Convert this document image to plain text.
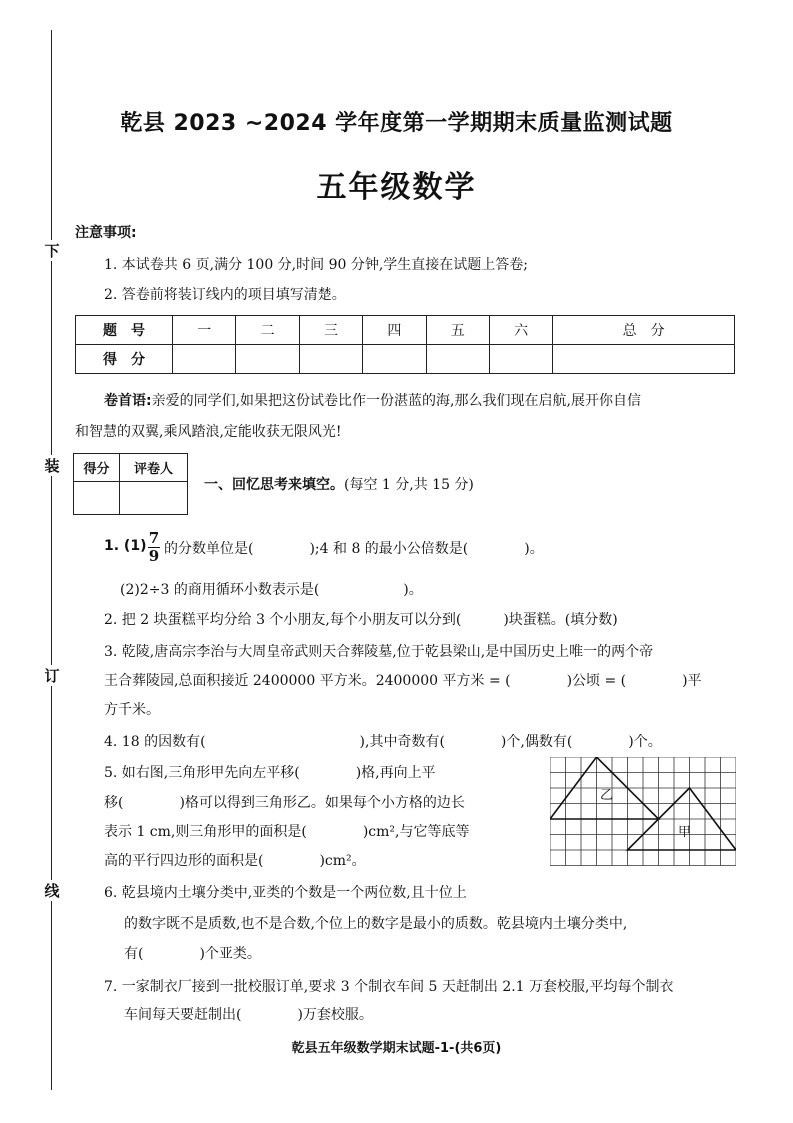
下
装
订
线
乾县 2023 ~2024 学年度第一学期期末质量监测试题
五年级数学
注意事项:
1. 本试卷共 6 页,满分 100 分,时间 90 分钟,学生直接在试题上答卷;
2. 答卷前将装订线内的项目填写清楚。
题　号	一	二	三	四	五	六	总　分
得　分							
卷首语:亲爱的同学们,如果把这份试卷比作一份湛蓝的海,那么我们现在启航,展开你自信
和智慧的双翼,乘风踏浪,定能收获无限风光!
得分	评卷人

一、回忆思考来填空。(每空 1 分,共 15 分)
1. (1) 7
9 的分数单位是(　　　　);4 和 8 的最小公倍数是(　　　　)。
(2)2÷3 的商用循环小数表示是(　　　　　　)。
2. 把 2 块蛋糕平均分给 3 个小朋友,每个小朋友可以分到(　　　)块蛋糕。(填分数)
3. 乾陵,唐高宗李治与大周皇帝武则天合葬陵墓,位于乾县梁山,是中国历史上唯一的两个帝
王合葬陵园,总面积接近 2400000 平方米。2400000 平方米 = (　　　　)公顷 = (　　　　)平
方千米。
4. 18 的因数有(　　　　　　　　　　　),其中奇数有(　　　　)个,偶数有(　　　　)个。
5. 如右图,三角形甲先向左平移(　　　　)格,再向上平
移(　　　　)格可以得到三角形乙。如果每个小方格的边长
表示 1 cm,则三角形甲的面积是(　　　　)cm²,与它等底等
高的平行四边形的面积是(　　　　)cm²。
乙
甲
6. 乾县境内土壤分类中,亚类的个数是一个两位数,且十位上
的数字既不是质数,也不是合数,个位上的数字是最小的质数。乾县境内土壤分类中,
有(　　　　)个亚类。
7. 一家制衣厂接到一批校服订单,要求 3 个制衣车间 5 天赶制出 2.1 万套校服,平均每个制衣
车间每天要赶制出(　　　　)万套校服。
乾县五年级数学期末试题-1-(共6页)
